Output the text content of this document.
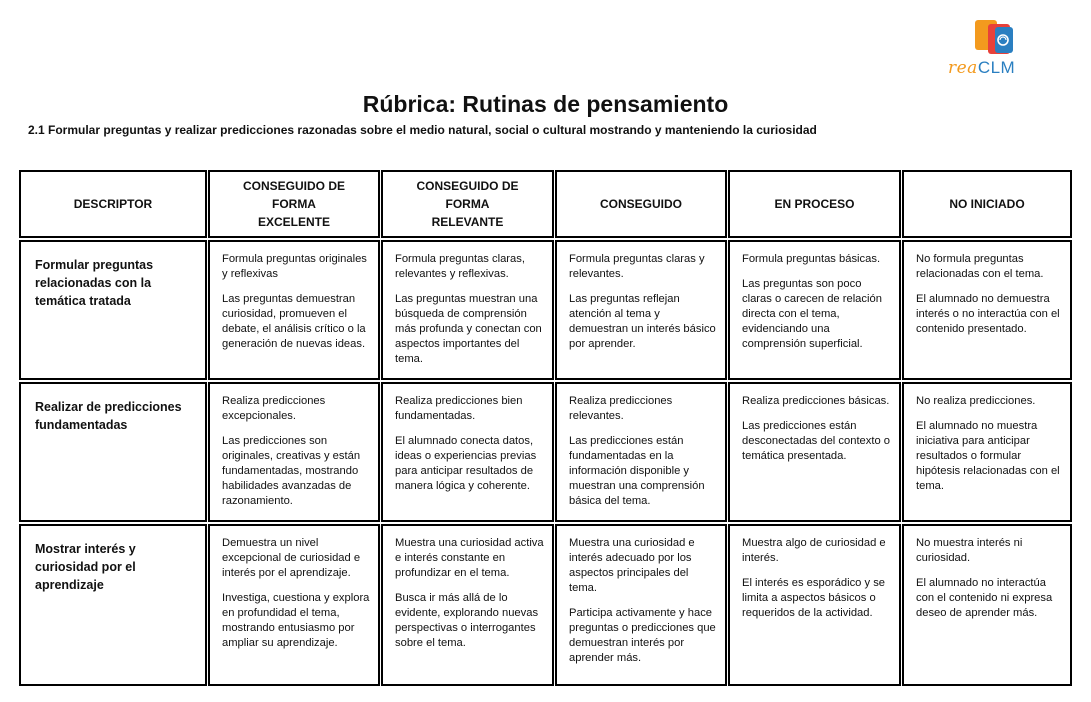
reaCLM
Rúbrica: Rutinas de pensamiento
2.1 Formular preguntas y realizar predicciones razonadas sobre el medio natural, social o cultural mostrando y manteniendo la curiosidad
DESCRIPTOR
CONSEGUIDO DE
FORMA
EXCELENTE
CONSEGUIDO DE
FORMA
RELEVANTE
CONSEGUIDO	EN PROCESO	NO INICIADO
Formular preguntas relacionadas con la temática tratada

Formula preguntas originales y reflexivas

Las preguntas demuestran curiosidad, promueven el debate, el análisis crítico o la generación de nuevas ideas.

Formula preguntas claras, relevantes y reflexivas.

Las preguntas muestran una búsqueda de comprensión más profunda y conectan con aspectos importantes del tema.

Formula preguntas claras y relevantes.

Las preguntas reflejan atención al tema y demuestran un interés básico por aprender.

Formula preguntas básicas.

Las preguntas son poco claras o carecen de relación directa con el tema, evidenciando una comprensión superficial.

No formula preguntas relacionadas con el tema.

El alumnado no demuestra interés o no interactúa con el contenido presentado.

Realizar de predicciones fundamentadas

Realiza predicciones excepcionales.

Las predicciones son originales, creativas y están fundamentadas, mostrando habilidades avanzadas de razonamiento.

Realiza predicciones bien fundamentadas.

El alumnado conecta datos, ideas o experiencias previas para anticipar resultados de manera lógica y coherente.

Realiza predicciones relevantes.

Las predicciones están fundamentadas en la información disponible y muestran una comprensión básica del tema.

Realiza predicciones básicas.

Las predicciones están desconectadas del contexto o temática presentada.

No realiza predicciones.

El alumnado no muestra iniciativa para anticipar resultados o formular hipótesis relacionadas con el tema.

Mostrar interés y curiosidad por el aprendizaje

Demuestra un nivel excepcional de curiosidad e interés por el aprendizaje.

Investiga, cuestiona y explora en profundidad el tema, mostrando entusiasmo por ampliar su aprendizaje.

Muestra una curiosidad activa e interés constante en profundizar en el tema.

Busca ir más allá de lo evidente, explorando nuevas perspectivas o interrogantes sobre el tema.

Muestra una curiosidad e interés adecuado por los aspectos principales del tema.

Participa activamente y hace preguntas o predicciones que demuestran interés por aprender más.

Muestra algo de curiosidad e interés.

El interés es esporádico y se limita a aspectos básicos o requeridos de la actividad.

No muestra interés ni curiosidad.

El alumnado no interactúa con el contenido ni expresa deseo de aprender más.
